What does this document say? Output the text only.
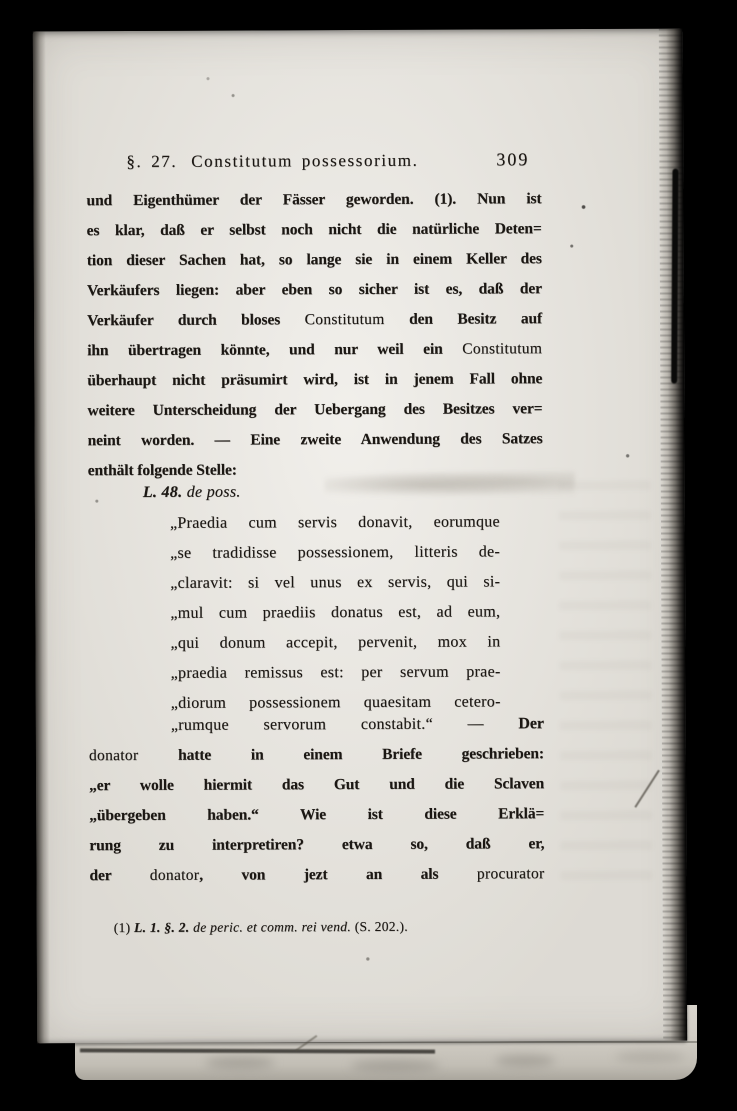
§. 27. Constitutum possessorium.	309
und Eigenthümer der Fässer geworden. (1). Nun ist
es klar, daß er selbst noch nicht die natürliche Deten=
tion dieser Sachen hat, so lange sie in einem Keller des
Verkäufers liegen: aber eben so sicher ist es, daß der
Verkäufer durch bloses Constitutum den Besitz auf
ihn übertragen könnte, und nur weil ein Constitutum
überhaupt nicht präsumirt wird, ist in jenem Fall ohne
weitere Unterscheidung der Uebergang des Besitzes ver=
neint worden. — Eine zweite Anwendung des Satzes
enthält folgende Stelle:
L. 48. de poss.
„Praedia cum servis donavit, eorumque
„se tradidisse possessionem, litteris de-
„claravit: si vel unus ex servis, qui si-
„mul cum praediis donatus est, ad eum,
„qui donum accepit, pervenit, mox in
„praedia remissus est: per servum prae-
„diorum possessionem quaesitam cetero-
„rumque servorum constabit.“ — Der
donator hatte in einem Briefe geschrieben:
„er wolle hiermit das Gut und die Sclaven
„übergeben haben.“ Wie ist diese Erklä=
rung zu interpretiren? etwa so, daß er,
der donator, von jezt an als procurator
(1) L. 1. §. 2. de peric. et comm. rei vend. (S. 202.).
